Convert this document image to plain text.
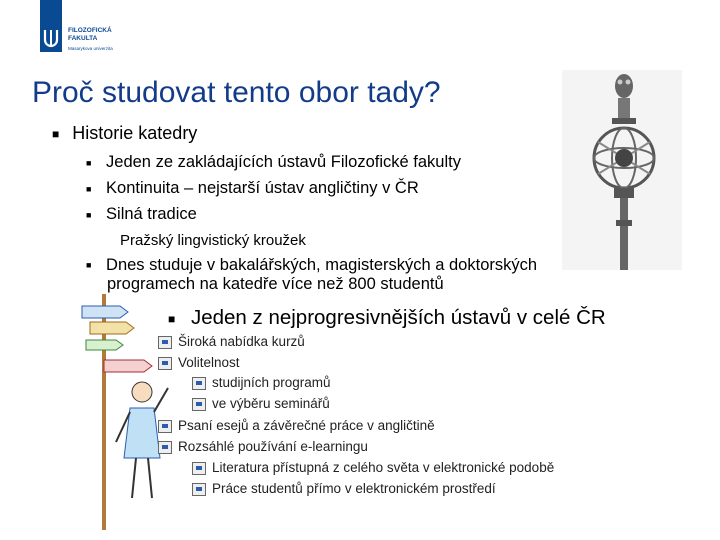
FILOZOFICKÁ
FAKULTA
Masarykova univerzita
Proč studovat tento obor tady?
■ Historie katedry
■ Jeden ze zakládajících ústavů Filozofické fakulty
■ Kontinuita – nejstarší ústav angličtiny v ČR
■ Silná tradice
Pražský lingvistický kroužek
■ Dnes studuje v bakalářských, magisterských a doktorských
programech na katedře více než 800 studentů
■ Jeden z nejprogresivnějších ústavů v celé ČR
Široká nabídka kurzů
Volitelnost
studijních programů
ve výběru seminářů
Psaní esejů a závěrečné práce v angličtině
Rozsáhlé používání e-learningu
Literatura přístupná z celého světa v elektronické podobě
Práce studentů přímo v elektronickém prostředí
